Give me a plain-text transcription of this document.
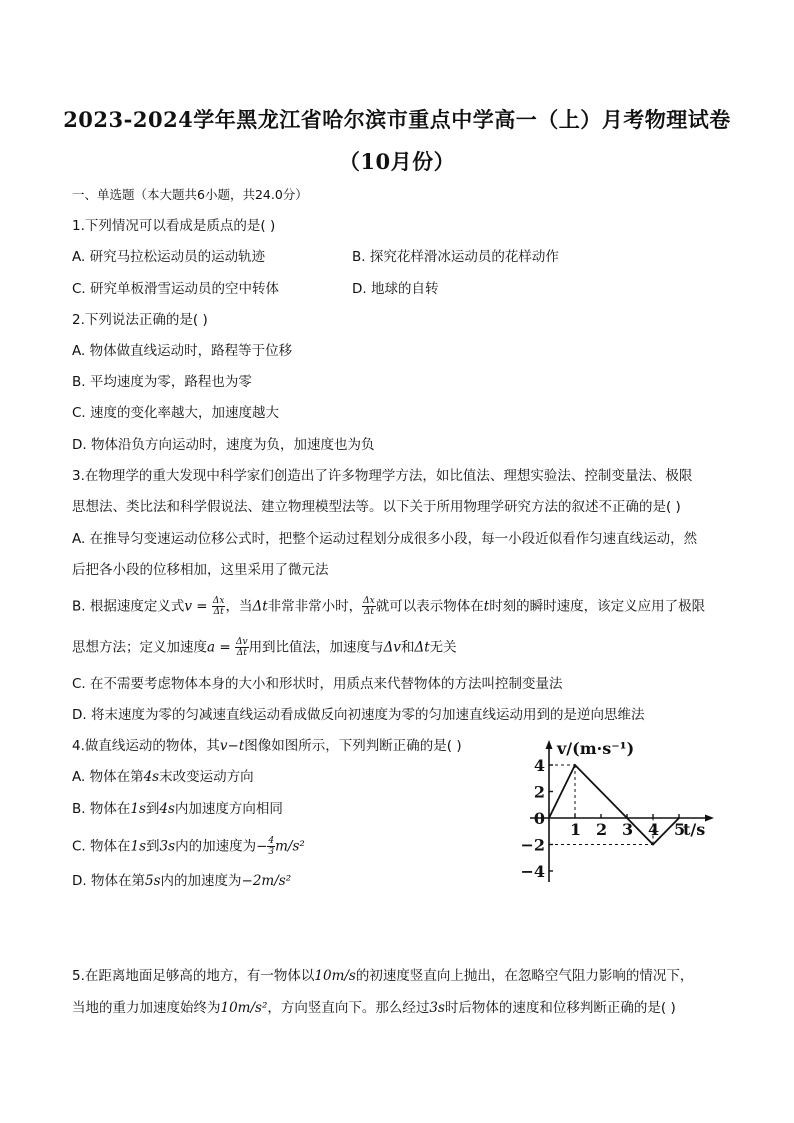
2023-2024学年黑龙江省哈尔滨市重点中学高一（上）月考物理试卷
（10月份）
一、单选题（本大题共6小题，共24.0分）
1.下列情况可以看成是质点的是( )
A. 研究马拉松运动员的运动轨迹	B. 探究花样滑冰运动员的花样动作
C. 研究单板滑雪运动员的空中转体	D. 地球的自转
2.下列说法正确的是( )
A. 物体做直线运动时，路程等于位移
B. 平均速度为零，路程也为零
C. 速度的变化率越大，加速度越大
D. 物体沿负方向运动时，速度为负，加速度也为负
3.在物理学的重大发现中科学家们创造出了许多物理学方法，如比值法、理想实验法、控制变量法、极限
思想法、类比法和科学假说法、建立物理模型法等。以下关于所用物理学研究方法的叙述不正确的是( )
A. 在推导匀变速运动位移公式时，把整个运动过程划分成很多小段，每一小段近似看作匀速直线运动，然
后把各小段的位移相加，这里采用了微元法
B. 根据速度定义式$v = \frac{\Delta x}{\Delta t}$ ，当Δt非常非常小时， $\frac{\Delta x}{\Delta t}$ 就可以表示物体在t时刻的瞬时速度，该定义应用了极限
思想方法；定义加速度$a = \frac{\Delta v}{\Delta t}$ 用到比值法，加速度与Δv和Δt无关
C. 在不需要考虑物体本身的大小和形状时，用质点来代替物体的方法叫控制变量法
D. 将末速度为零的匀减速直线运动看成做反向初速度为零的匀加速直线运动用到的是逆向思维法
4.做直线运动的物体，其v−t图像如图所示，下列判断正确的是( )
A. 物体在第4s末改变运动方向
B. 物体在1s到4s内加速度方向相同
C. 物体在1s到3s内的加速度为− $\frac{4}{3} m/s^2$
D. 物体在第5s内的加速度为−2m/s²
v/(m·s⁻¹)
t/s
4
2
0
−2
−4
1 2 3 4 5
5.在距离地面足够高的地方，有一物体以10m/s的初速度竖直向上抛出，在忽略空气阻力影响的情况下，
当地的重力加速度始终为10m/s²，方向竖直向下。那么经过3s时后物体的速度和位移判断正确的是( )
